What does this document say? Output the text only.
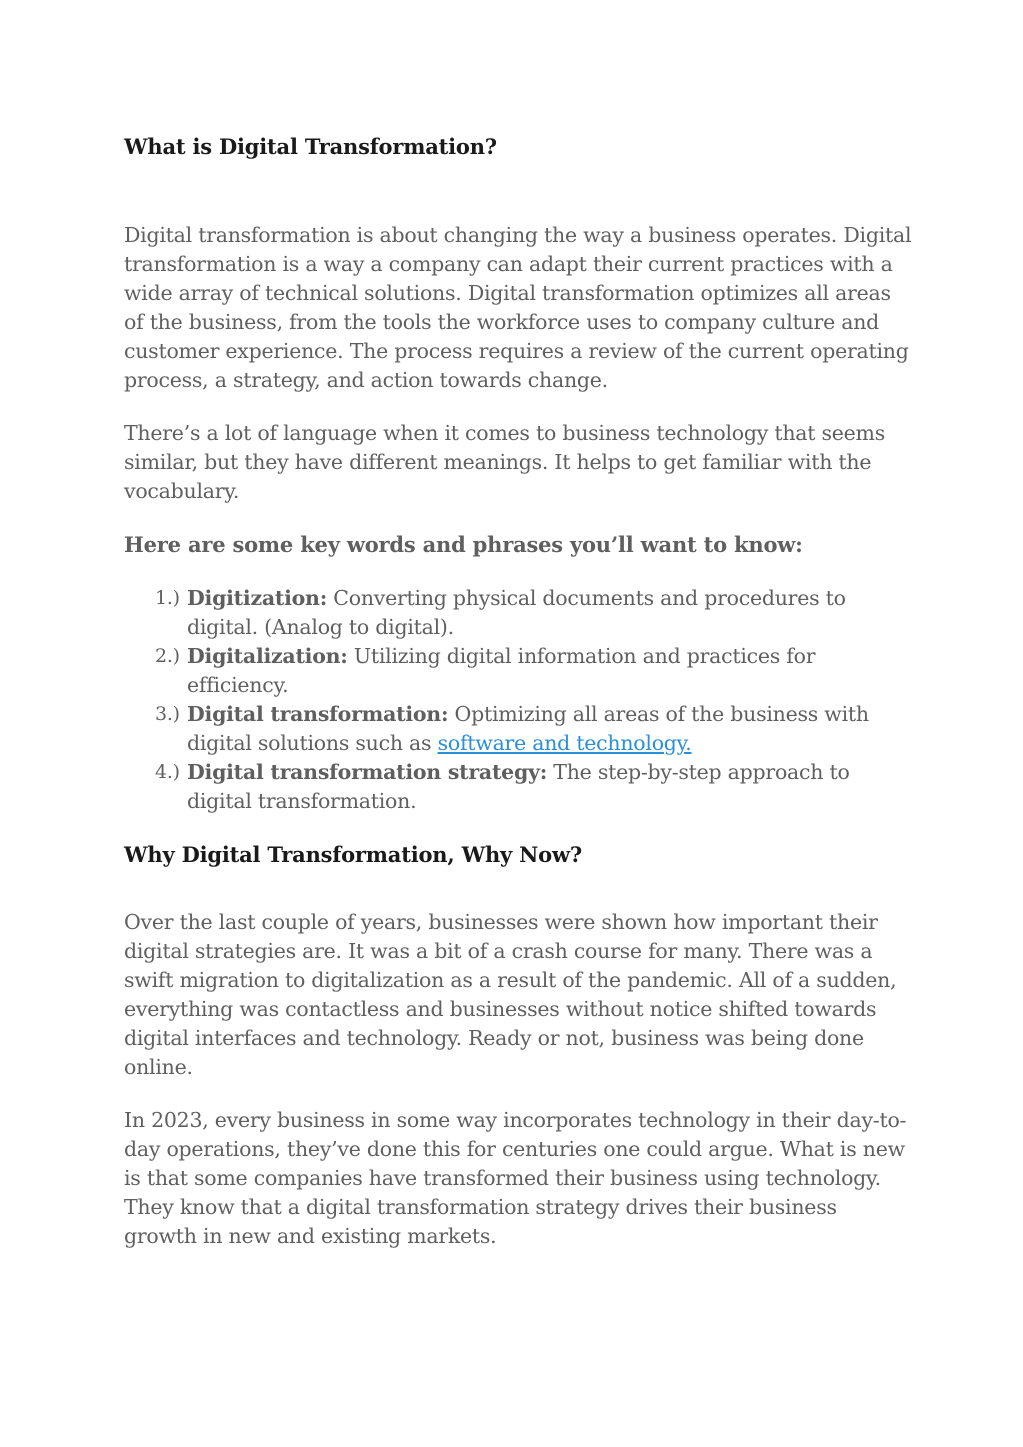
What is Digital Transformation?

Digital transformation is about changing the way a business operates. Digital transformation is a way a company can adapt their current practices with a wide array of technical solutions. Digital transformation optimizes all areas of the business, from the tools the workforce uses to company culture and customer experience. The process requires a review of the current operating process, a strategy, and action towards change.

There’s a lot of language when it comes to business technology that seems similar, but they have different meanings. It helps to get familiar with the vocabulary.

Here are some key words and phrases you’ll want to know:
1.) Digitization: Converting physical documents and procedures to digital. (Analog to digital).
2.) Digitalization: Utilizing digital information and practices for efficiency.
3.) Digital transformation: Optimizing all areas of the business with digital solutions such as software and technology.
4.) Digital transformation strategy: The step-by-step approach to digital transformation.
Why Digital Transformation, Why Now?

Over the last couple of years, businesses were shown how important their digital strategies are. It was a bit of a crash course for many. There was a swift migration to digitalization as a result of the pandemic. All of a sudden, everything was contactless and businesses without notice shifted towards digital interfaces and technology. Ready or not, business was being done online.

In 2023, every business in some way incorporates technology in their day-to-day operations, they’ve done this for centuries one could argue. What is new is that some companies have transformed their business using technology. They know that a digital transformation strategy drives their business growth in new and existing markets.
